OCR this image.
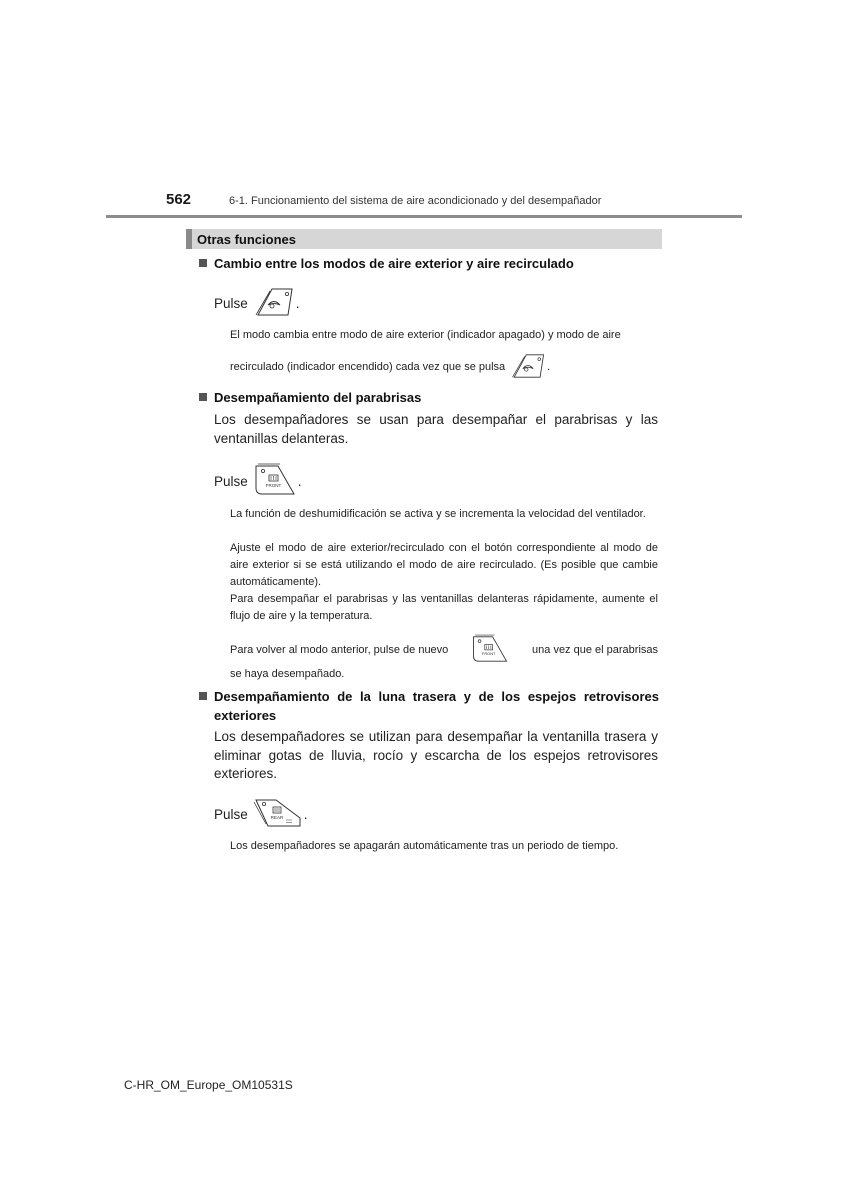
562	6-1. Funcionamiento del sistema de aire acondicionado y del desempañador
Otras funciones
Cambio entre los modos de aire exterior y aire recirculado
Pulse	.
El modo cambia entre modo de aire exterior (indicador apagado) y modo de aire
recirculado (indicador encendido) cada vez que se pulsa	.
Desempañamiento del parabrisas
Los desempañadores se usan para desempañar el parabrisas y las ventanillas delanteras.
Pulse	FRONT .
La función de deshumidificación se activa y se incrementa la velocidad del ventilador.
Ajuste el modo de aire exterior/recirculado con el botón correspondiente al modo de aire exterior si se está utilizando el modo de aire recirculado. (Es posible que cambie automáticamente).
Para desempañar el parabrisas y las ventanillas delanteras rápidamente, aumente el flujo de aire y la temperatura.
Para volver al modo anterior, pulse de nuevo	FRONT	una vez que el parabrisas
se haya desempañado.
Desempañamiento de la luna trasera y de los espejos retrovisores exteriores
Los desempañadores se utilizan para desempañar la ventanilla trasera y eliminar gotas de lluvia, rocío y escarcha de los espejos retrovisores exteriores.
Pulse	REAR .
Los desempañadores se apagarán automáticamente tras un periodo de tiempo.
C-HR_OM_Europe_OM10531S
